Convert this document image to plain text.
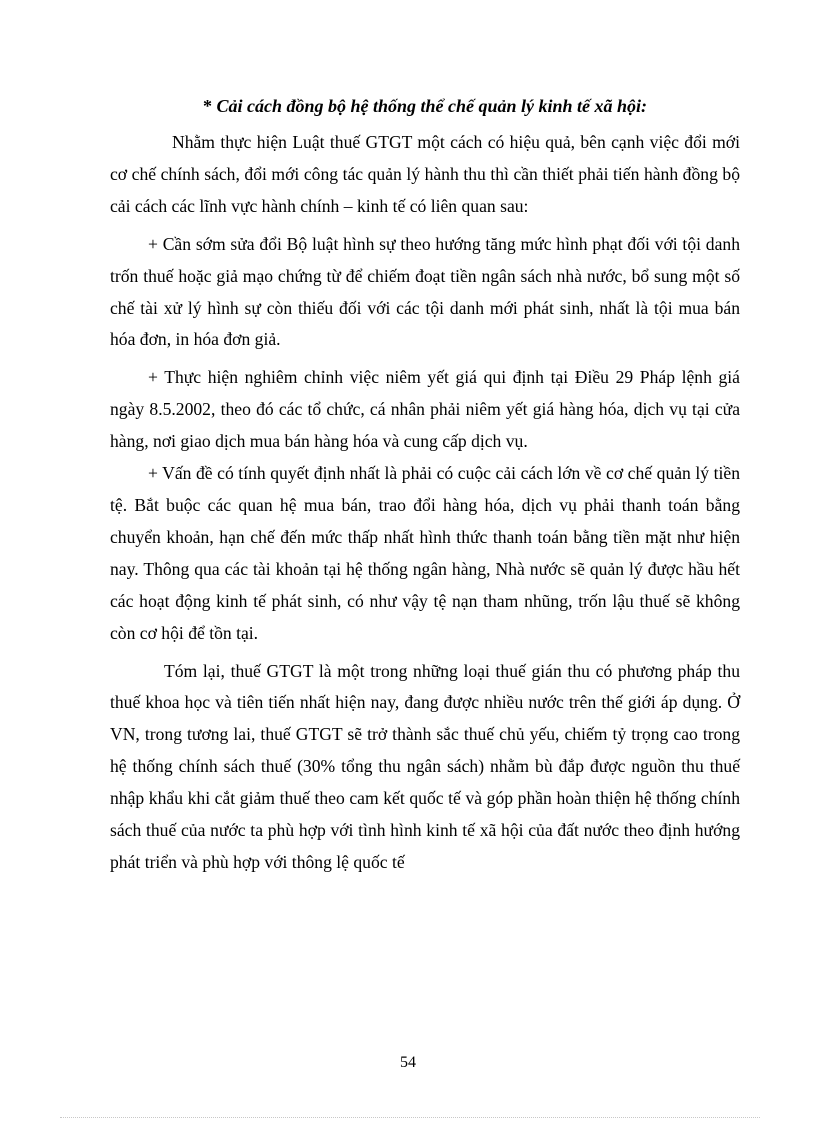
* Cải cách đồng bộ hệ thống thể chế quản lý kinh tế xã hội:

Nhằm thực hiện Luật thuế GTGT một cách có hiệu quả, bên cạnh việc đổi mới cơ chế chính sách, đổi mới công tác quản lý hành thu thì cần thiết phải tiến hành đồng bộ cải cách các lĩnh vực hành chính – kinh tế có liên quan sau:

+ Cần sớm sửa đổi Bộ luật hình sự theo hướng tăng mức hình phạt đối với tội danh trốn thuế hoặc giả mạo chứng từ để chiếm đoạt tiền ngân sách nhà nước, bổ sung một số chế tài xử lý hình sự còn thiếu đối với các tội danh mới phát sinh, nhất là tội mua bán hóa đơn, in hóa đơn giả.

+ Thực hiện nghiêm chỉnh việc niêm yết giá qui định tại Điều 29 Pháp lệnh giá ngày 8.5.2002, theo đó các tổ chức, cá nhân phải niêm yết giá hàng hóa, dịch vụ tại cửa hàng, nơi giao dịch mua bán hàng hóa và cung cấp dịch vụ.

+ Vấn đề có tính quyết định nhất là phải có cuộc cải cách lớn về cơ chế quản lý tiền tệ. Bắt buộc các quan hệ mua bán, trao đổi hàng hóa, dịch vụ phải thanh toán bằng chuyển khoản, hạn chế đến mức thấp nhất hình thức thanh toán bằng tiền mặt như hiện nay. Thông qua các tài khoản tại hệ thống ngân hàng, Nhà nước sẽ quản lý được hầu hết các hoạt động kinh tế phát sinh, có như vậy tệ nạn tham nhũng, trốn lậu thuế sẽ không còn cơ hội để tồn tại.

Tóm lại, thuế GTGT là một trong những loại thuế gián thu có phương pháp thu thuế khoa học và tiên tiến nhất hiện nay, đang được nhiều nước trên thế giới áp dụng. Ở VN, trong tương lai, thuế GTGT sẽ trở thành sắc thuế chủ yếu, chiếm tỷ trọng cao trong hệ thống chính sách thuế (30% tổng thu ngân sách) nhằm bù đắp được nguồn thu thuế nhập khẩu khi cắt giảm thuế theo cam kết quốc tế và góp phần hoàn thiện hệ thống chính sách thuế của nước ta phù hợp với tình hình kinh tế xã hội của đất nước theo định hướng phát triển và phù hợp với thông lệ quốc tế

54
